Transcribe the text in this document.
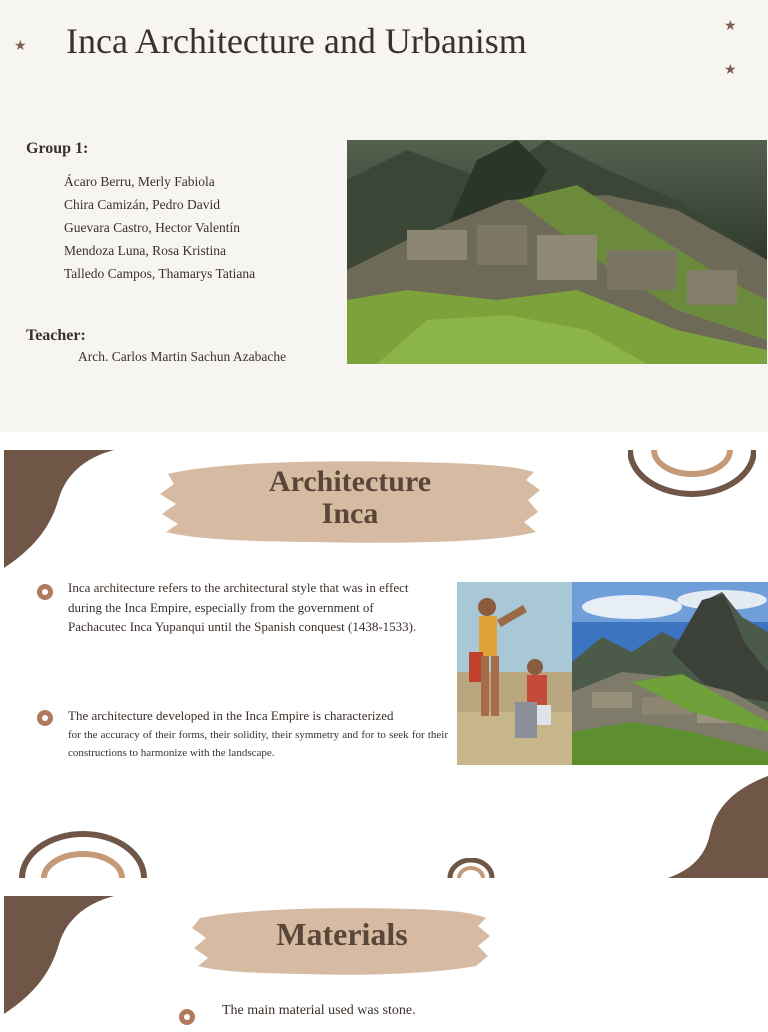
★
★
★
Inca Architecture and Urbanism
Group 1:
Ácaro Berru, Merly Fabiola
Chira Camizán, Pedro David
Guevara Castro, Hector Valentín
Mendoza Luna, Rosa Kristina
Talledo Campos, Thamarys Tatiana
Teacher:
Arch. Carlos Martin Sachun Azabache
Architecture
Inca
Inca architecture refers to the architectural style that was in effect during the Inca Empire, especially from the government of Pachacutec Inca Yupanqui until the Spanish conquest (1438-1533).
The architecture developed in the Inca Empire is characterized
for the accuracy of their forms, their solidity, their symmetry and for to seek for their constructions to harmonize with the landscape.
Materials
The main material used was stone.
